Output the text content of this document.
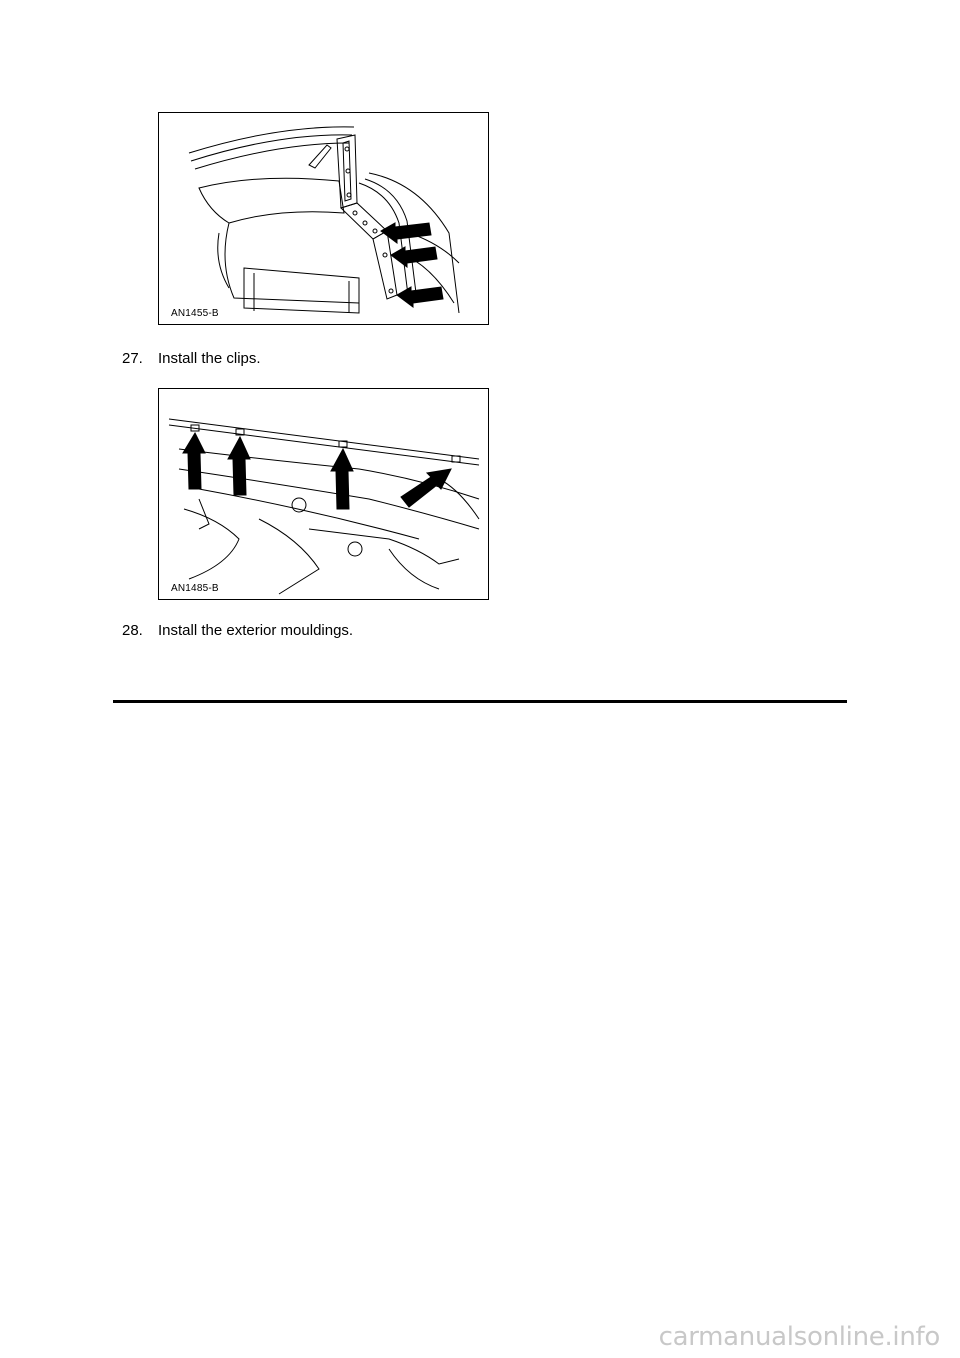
AN1455-B
27. Install the clips.
AN1485-B
28. Install the exterior mouldings.
carmanualsonline.info
